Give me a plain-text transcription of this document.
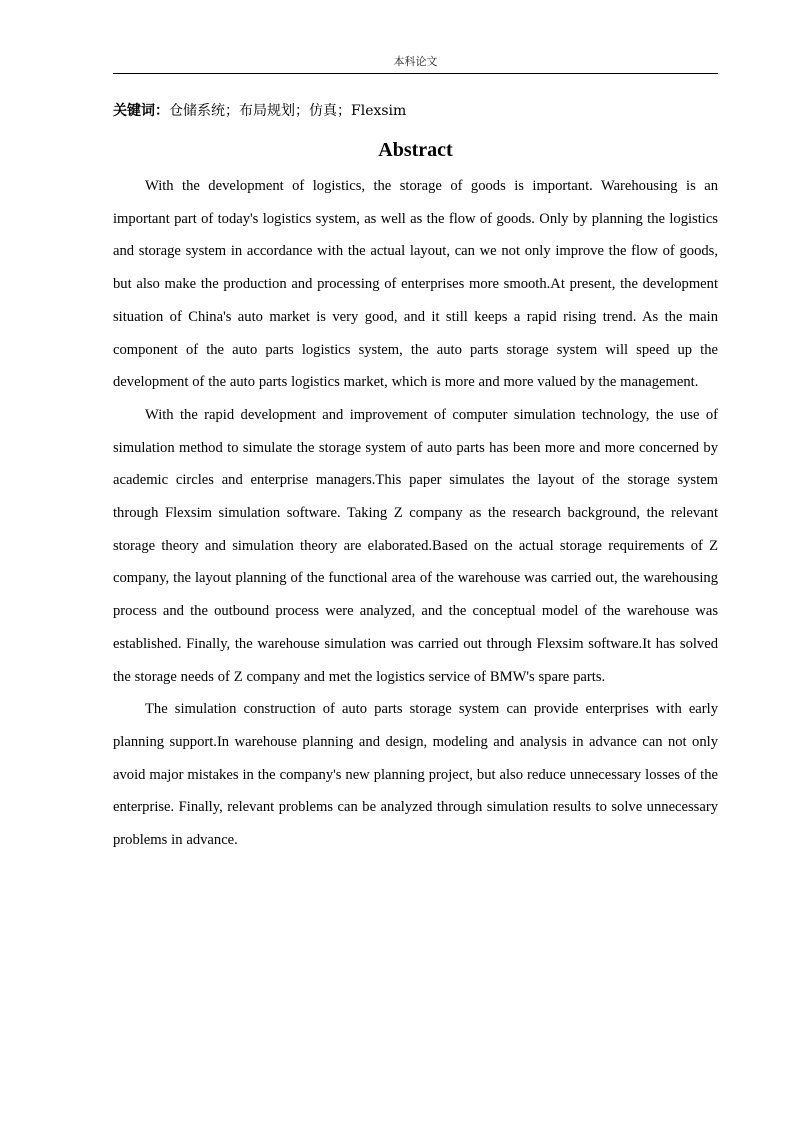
本科论文
关键词：仓储系统；布局规划；仿真；Flexsim
Abstract

With the development of logistics, the storage of goods is important. Warehousing is an important part of today's logistics system, as well as the flow of goods. Only by planning the logistics and storage system in accordance with the actual layout, can we not only improve the flow of goods, but also make the production and processing of enterprises more smooth.At present, the development situation of China's auto market is very good, and it still keeps a rapid rising trend. As the main component of the auto parts logistics system, the auto parts storage system will speed up the development of the auto parts logistics market, which is more and more valued by the management.

With the rapid development and improvement of computer simulation technology, the use of simulation method to simulate the storage system of auto parts has been more and more concerned by academic circles and enterprise managers.This paper simulates the layout of the storage system through Flexsim simulation software. Taking Z company as the research background, the relevant storage theory and simulation theory are elaborated.Based on the actual storage requirements of Z company, the layout planning of the functional area of the warehouse was carried out, the warehousing process and the outbound process were analyzed, and the conceptual model of the warehouse was established. Finally, the warehouse simulation was carried out through Flexsim software.It has solved the storage needs of Z company and met the logistics service of BMW's spare parts.

The simulation construction of auto parts storage system can provide enterprises with early planning support.In warehouse planning and design, modeling and analysis in advance can not only avoid major mistakes in the company's new planning project, but also reduce unnecessary losses of the enterprise. Finally, relevant problems can be analyzed through simulation results to solve unnecessary problems in advance.
